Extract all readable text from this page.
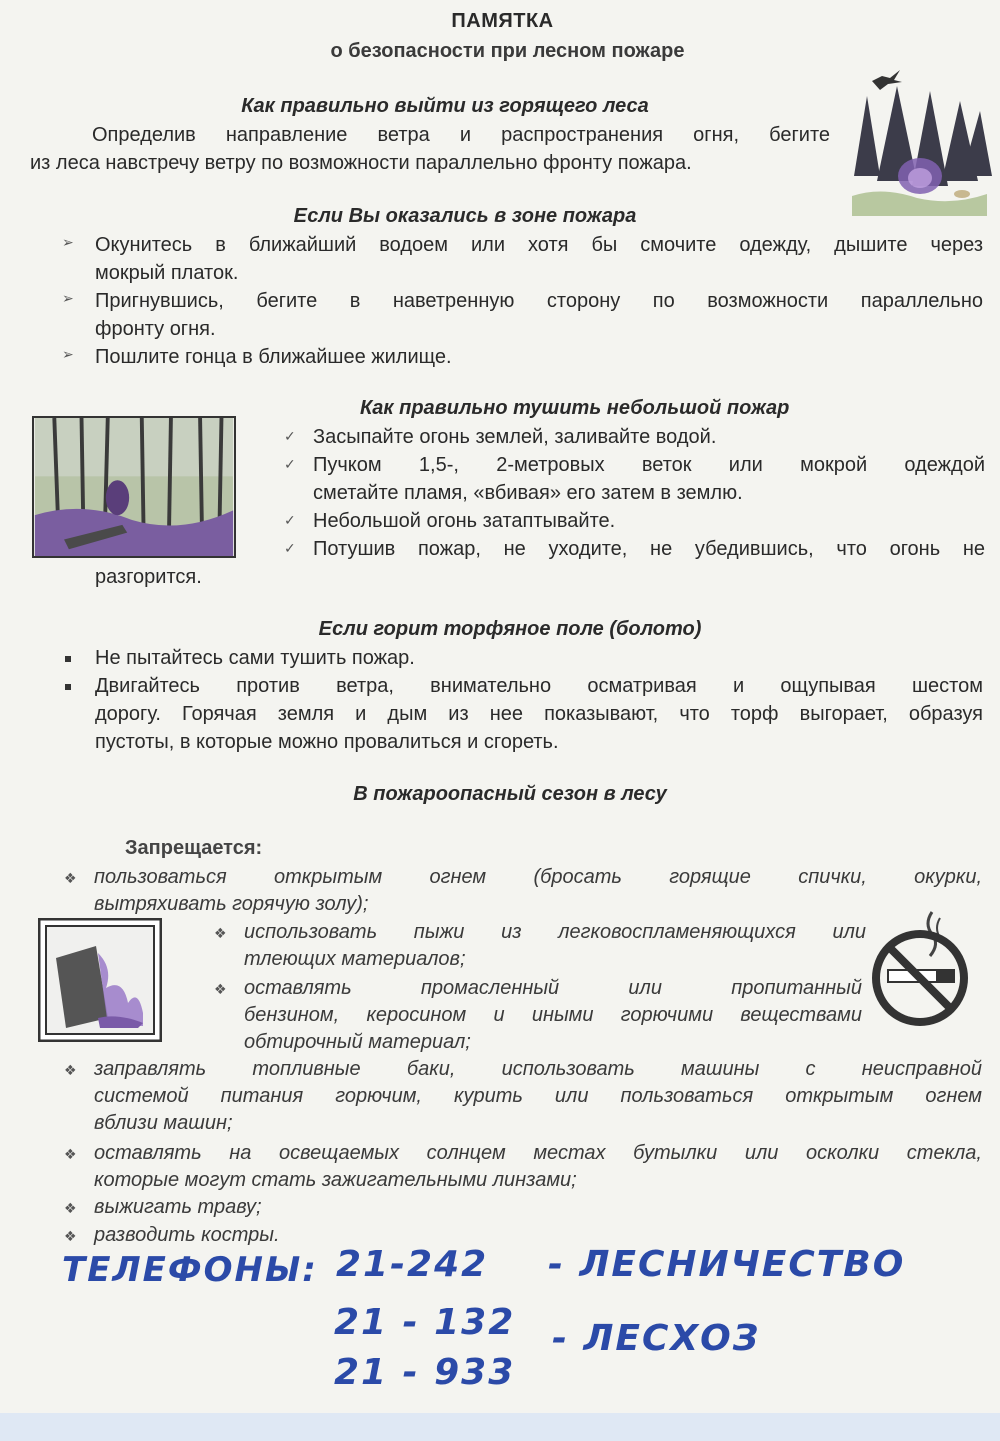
ПАМЯТКА
о безопасности при лесном пожаре
Как правильно выйти из горящего леса
Определив направление ветра и распространения огня, бегите
из леса навстречу ветру по возможности параллельно фронту пожара.
Если Вы оказались в зоне пожара
➢ Окунитесь в ближайший водоем или хотя бы смочите одежду, дышите через
мокрый платок.
➢ Пригнувшись, бегите в наветренную сторону по возможности параллельно
фронту огня.
➢ Пошлите гонца в ближайшее жилище.
Как правильно тушить небольшой пожар
✓ Засыпайте огонь землей, заливайте водой.
✓ Пучком 1,5-, 2-метровых веток или мокрой одеждой
сметайте пламя, «вбивая» его затем в землю.
✓ Небольшой огонь затаптывайте.
✓ Потушив пожар, не уходите, не убедившись, что огонь не
разгорится.
Если горит торфяное поле (болото)
Не пытайтесь сами тушить пожар.
Двигайтесь против ветра, внимательно осматривая и ощупывая шестом
дорогу. Горячая земля и дым из нее показывают, что торф выгорает, образуя
пустоты, в которые можно провалиться и сгореть.
В пожароопасный сезон в лесу
Запрещается:
❖ пользоваться открытым огнем (бросать горящие спички, окурки,
вытряхивать горячую золу);
❖ использовать пыжи из легковоспламеняющихся или
тлеющих материалов;
❖ оставлять промасленный или пропитанный
бензином, керосином и иными горючими веществами
обтирочный материал;
❖ заправлять топливные баки, использовать машины с неисправной
системой питания горючим, курить или пользоваться открытым огнем
вблизи машин;
❖ оставлять на освещаемых солнцем местах бутылки или осколки стекла,
которые могут стать зажигательными линзами;
❖ выжигать траву;
❖ разводить костры.
ТЕЛЕФОНЫ: 21-242 - ЛЕСНИЧЕСТВО
21 - 132 - ЛЕСХОЗ
21 - 933
